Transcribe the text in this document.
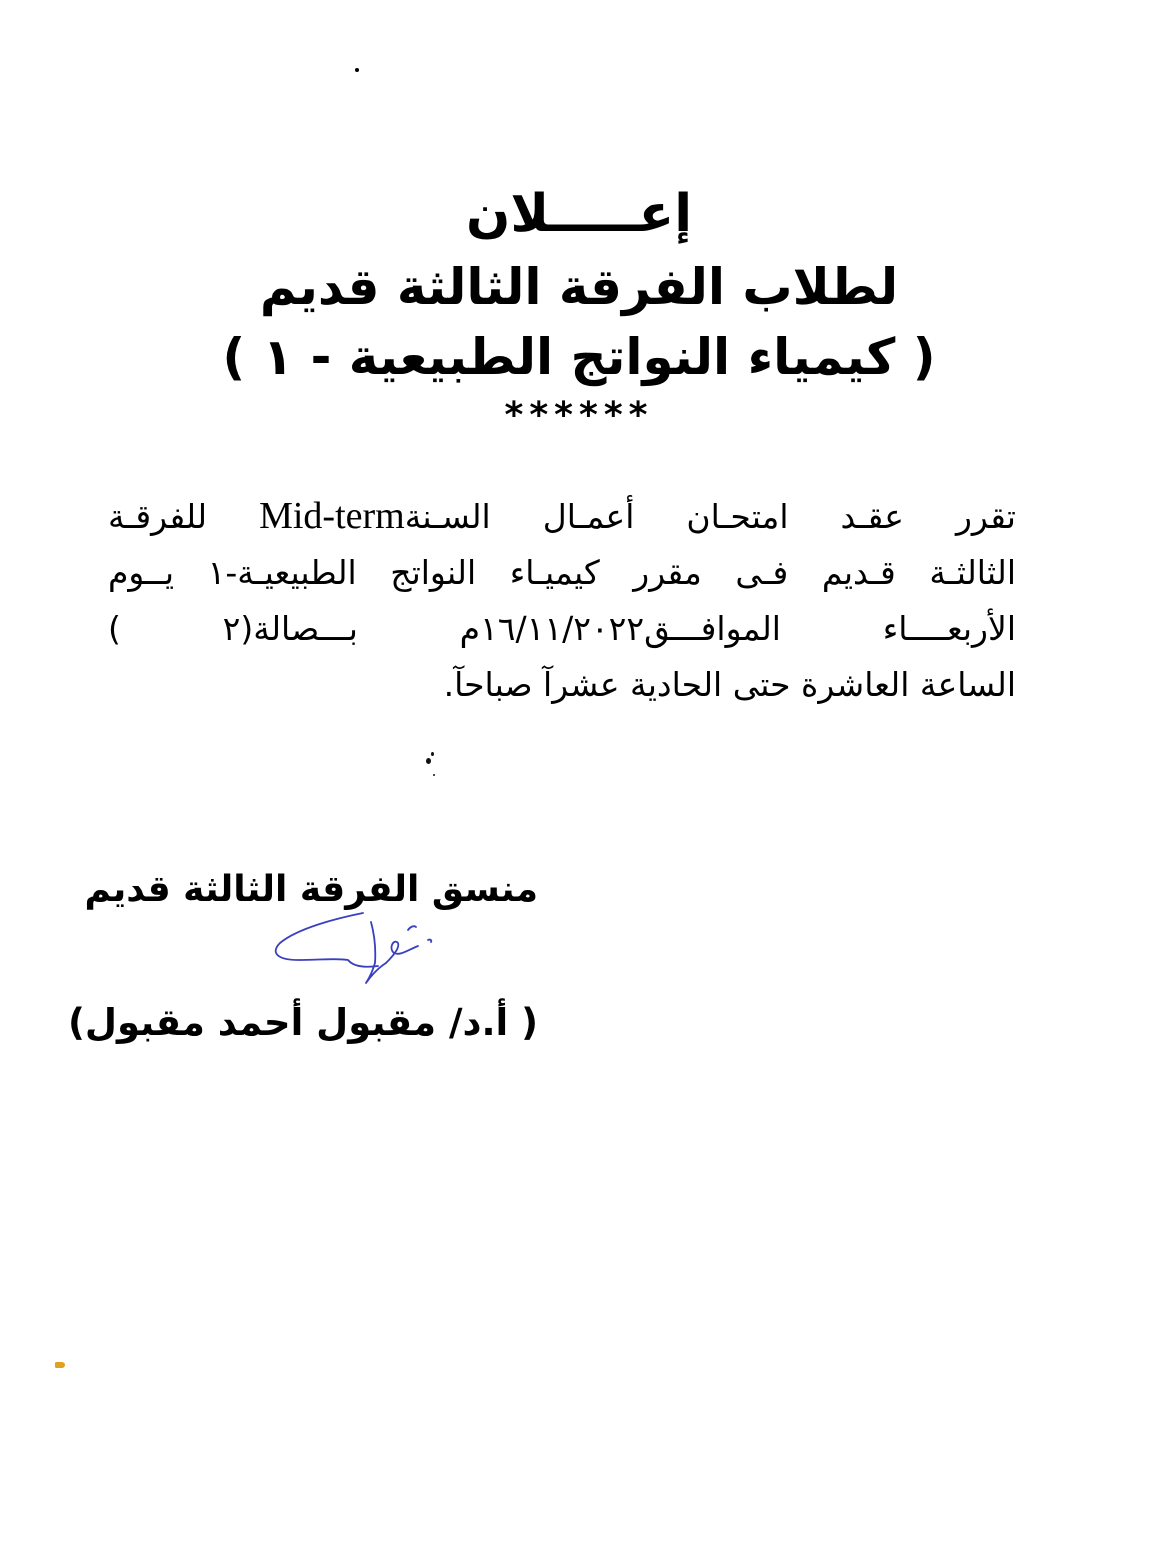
إعـــــلان
لطلاب الفرقة الثالثة قديم
( كيمياء النواتج الطبيعية - ١ )
******
تقرر عقـد امتحـان أعمـال السـنةMid-term للفرقـة
الثالثـة قـديم فـى مقرر كيميـاء النواتج الطبيعيـة-١ يــوم
الأربعــــاء الموافـــق١٦/١١/٢٠٢٢م بـــصالة(٢ )
الساعة العاشرة حتى الحادية عشرآ صباحآ.
منسق الفرقة الثالثة قديم
( أ.د/ مقبول أحمد مقبول)
